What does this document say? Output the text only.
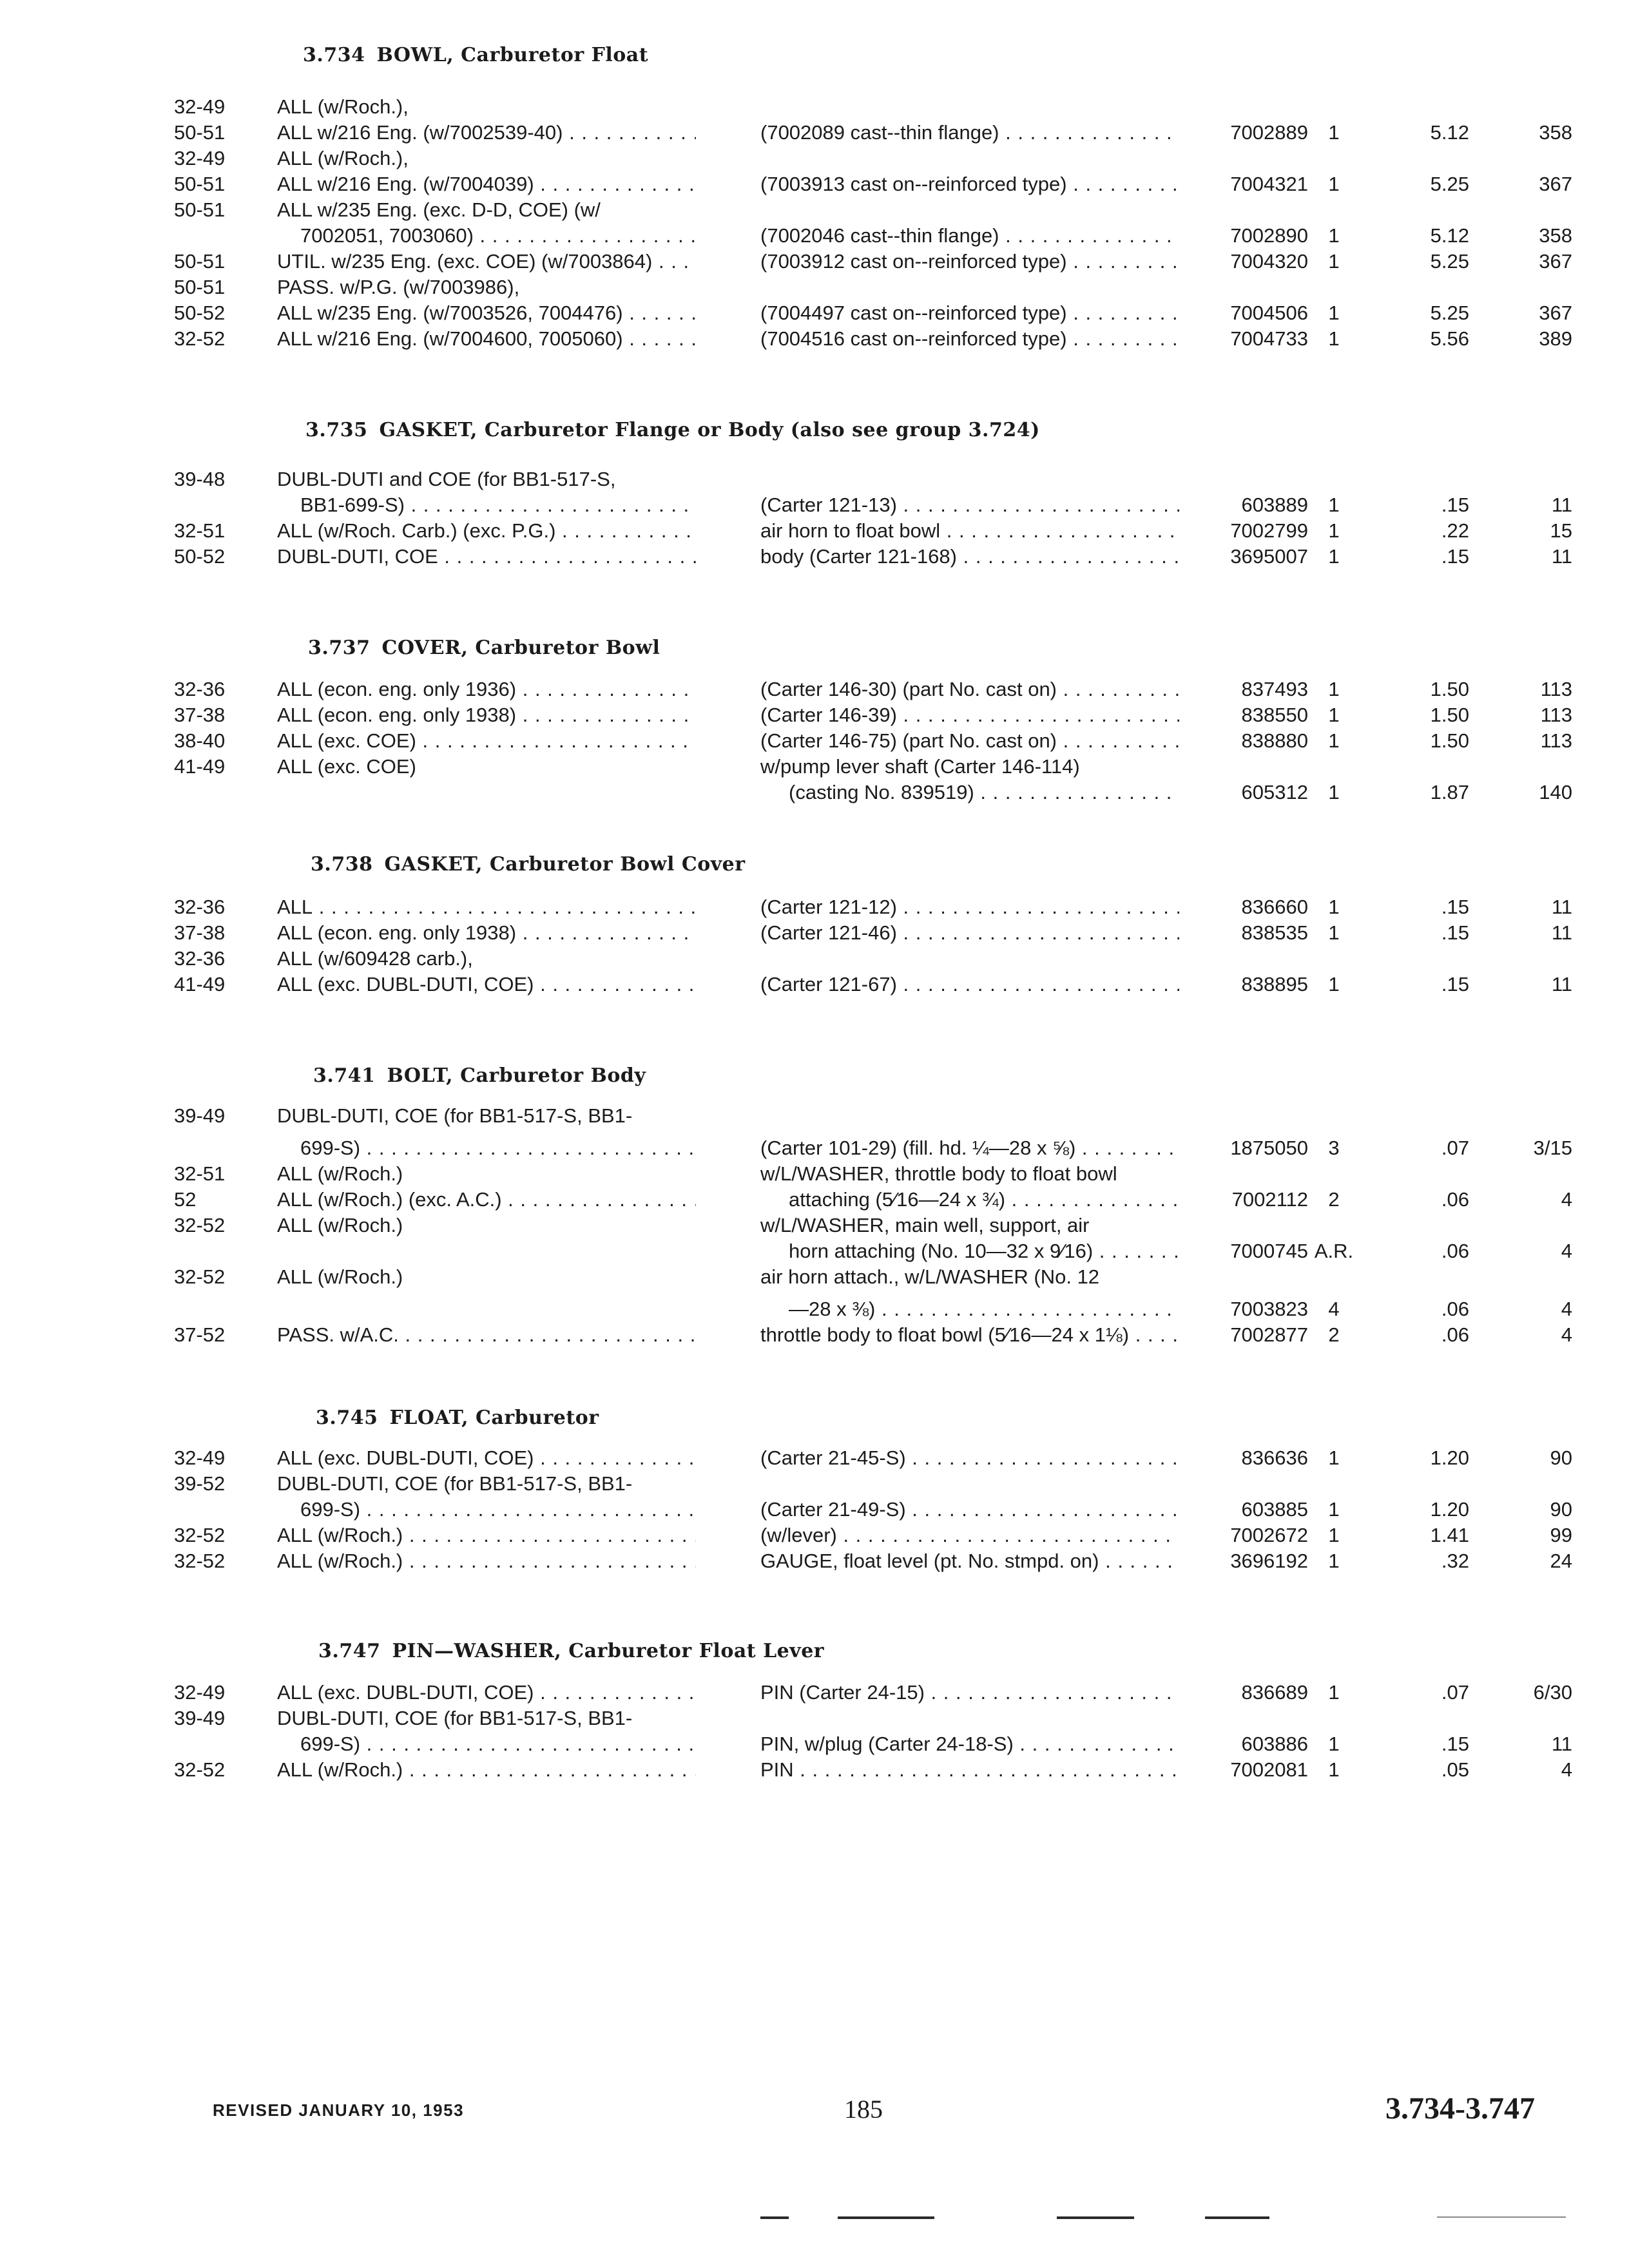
3.734 BOWL, Carburetor Float
32-49	ALL (w/Roch.),
50-51	ALL w/216 Eng. (w/7002539-40) . . .	(7002089 cast--thin flange) . . .	7002889	1	5.12	358
32-49	ALL (w/Roch.),
50-51	ALL w/216 Eng. (w/7004039) . . .	(7003913 cast on--reinforced type) . . .	7004321	1	5.25	367
50-51	ALL w/235 Eng. (exc. D-D, COE) (w/
7002051, 7003060) . . .	(7002046 cast--thin flange) . . .	7002890	1	5.12	358
50-51	UTIL. w/235 Eng. (exc. COE) (w/7003864) . . .	(7003912 cast on--reinforced type) . . .	7004320	1	5.25	367
50-51	PASS. w/P.G. (w/7003986),
50-52	ALL w/235 Eng. (w/7003526, 7004476) . . .	(7004497 cast on--reinforced type) . . .	7004506	1	5.25	367
32-52	ALL w/216 Eng. (w/7004600, 7005060) . . .	(7004516 cast on--reinforced type) . . .	7004733	1	5.56	389
3.735 GASKET, Carburetor Flange or Body (also see group 3.724)
39-48	DUBL-DUTI and COE (for BB1-517-S,
BB1-699-S) . . .	(Carter 121-13) . . .	603889	1	.15	11
32-51	ALL (w/Roch. Carb.) (exc. P.G.) . . .	air horn to float bowl . . .	7002799	1	.22	15
50-52	DUBL-DUTI, COE . . .	body (Carter 121-168) . . .	3695007	1	.15	11
3.737 COVER, Carburetor Bowl
32-36	ALL (econ. eng. only 1936) . . .	(Carter 146-30) (part No. cast on) . . .	837493	1	1.50	113
37-38	ALL (econ. eng. only 1938) . . .	(Carter 146-39) . . .	838550	1	1.50	113
38-40	ALL (exc. COE) . . .	(Carter 146-75) (part No. cast on) . . .	838880	1	1.50	113
41-49	ALL (exc. COE)	w/pump lever shaft (Carter 146-114)
(casting No. 839519) . . .	605312	1	1.87	140
3.738 GASKET, Carburetor Bowl Cover
32-36	ALL . . .	(Carter 121-12) . . .	836660	1	.15	11
37-38	ALL (econ. eng. only 1938) . . .	(Carter 121-46) . . .	838535	1	.15	11
32-36	ALL (w/609428 carb.),
41-49	ALL (exc. DUBL-DUTI, COE) . . .	(Carter 121-67) . . .	838895	1	.15	11
3.741 BOLT, Carburetor Body
39-49	DUBL-DUTI, COE (for BB1-517-S, BB1-
699-S) . . .	(Carter 101-29) (fill. hd. ¼—28 x ⅝) . . .	1875050	3	.07	3/15
32-51	ALL (w/Roch.)	w/L/WASHER, throttle body to float bowl
52	ALL (w/Roch.) (exc. A.C.) . . .	attaching (5⁄16—24 x ¾) . . .	7002112	2	.06	4
32-52	ALL (w/Roch.)	w/L/WASHER, main well, support, air
horn attaching (No. 10—32 x 9⁄16) . . .	7000745 A.R.	.06	4
32-52	ALL (w/Roch.)	air horn attach., w/L/WASHER (No. 12
—28 x ⅜) . . .	7003823	4	.06	4
37-52	PASS. w/A.C. . . .	throttle body to float bowl (5⁄16—24 x 1⅛) . . .	7002877	2	.06	4
3.745 FLOAT, Carburetor
32-49	ALL (exc. DUBL-DUTI, COE) . . .	(Carter 21-45-S) . . .	836636	1	1.20	90
39-52	DUBL-DUTI, COE (for BB1-517-S, BB1-
699-S) . . .	(Carter 21-49-S) . . .	603885	1	1.20	90
32-52	ALL (w/Roch.) . . .	(w/lever) . . .	7002672	1	1.41	99
32-52	ALL (w/Roch.) . . .	GAUGE, float level (pt. No. stmpd. on) . . .	3696192	1	.32	24
3.747 PIN—WASHER, Carburetor Float Lever
32-49	ALL (exc. DUBL-DUTI, COE) . . .	PIN (Carter 24-15) . . .	836689	1	.07	6/30
39-49	DUBL-DUTI, COE (for BB1-517-S, BB1-
699-S) . . .	PIN, w/plug (Carter 24-18-S) . . .	603886	1	.15	11
32-52	ALL (w/Roch.) . . .	PIN . . .	7002081	1	.05	4
REVISED JANUARY 10, 1953	185	3.734-3.747
